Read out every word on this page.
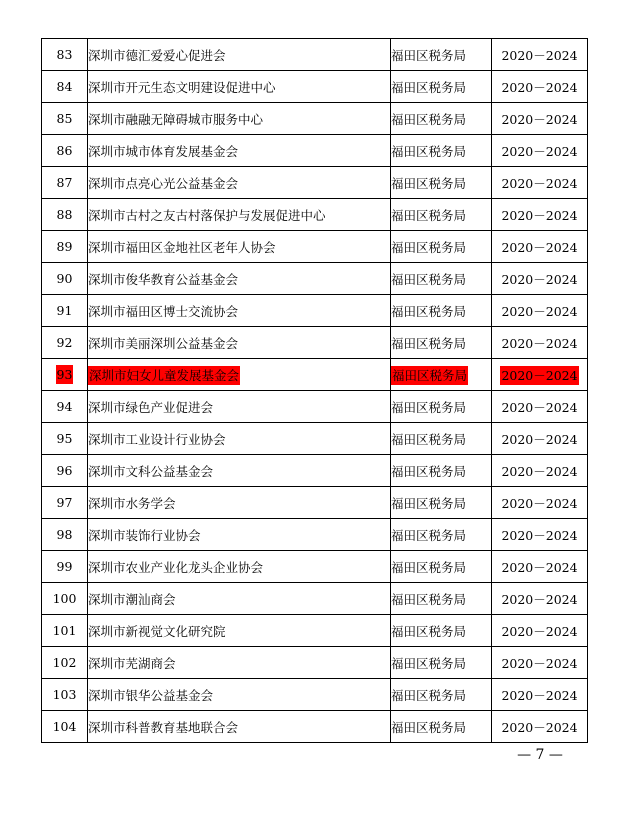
83	深圳市德汇爱爱心促进会	福田区税务局	2020－2024
84	深圳市开元生态文明建设促进中心	福田区税务局	2020－2024
85	深圳市融融无障碍城市服务中心	福田区税务局	2020－2024
86	深圳市城市体育发展基金会	福田区税务局	2020－2024
87	深圳市点亮心光公益基金会	福田区税务局	2020－2024
88	深圳市古村之友古村落保护与发展促进中心	福田区税务局	2020－2024
89	深圳市福田区金地社区老年人协会	福田区税务局	2020－2024
90	深圳市俊华教育公益基金会	福田区税务局	2020－2024
91	深圳市福田区博士交流协会	福田区税务局	2020－2024
92	深圳市美丽深圳公益基金会	福田区税务局	2020－2024
93	深圳市妇女儿童发展基金会	福田区税务局	2020－2024
94	深圳市绿色产业促进会	福田区税务局	2020－2024
95	深圳市工业设计行业协会	福田区税务局	2020－2024
96	深圳市文科公益基金会	福田区税务局	2020－2024
97	深圳市水务学会	福田区税务局	2020－2024
98	深圳市装饰行业协会	福田区税务局	2020－2024
99	深圳市农业产业化龙头企业协会	福田区税务局	2020－2024
100	深圳市潮汕商会	福田区税务局	2020－2024
101	深圳市新视觉文化研究院	福田区税务局	2020－2024
102	深圳市芜湖商会	福田区税务局	2020－2024
103	深圳市银华公益基金会	福田区税务局	2020－2024
104	深圳市科普教育基地联合会	福田区税务局	2020－2024
— 7 —
